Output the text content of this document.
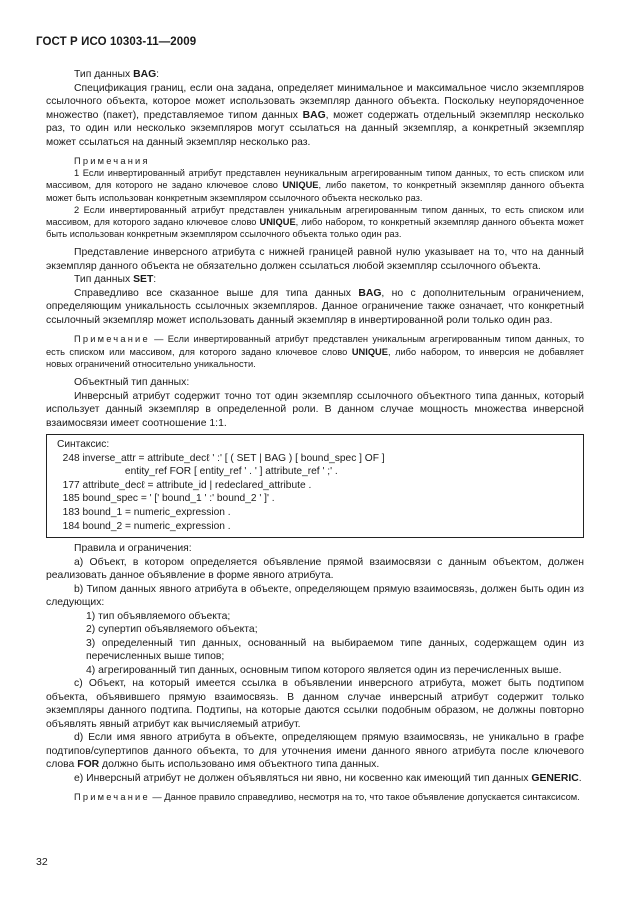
ГОСТ Р ИСО 10303-11—2009

Тип данных BAG:

Спецификация границ, если она задана, определяет минимальное и максимальное число экземпляров ссылочного объекта, которое может использовать экземпляр данного объекта. Поскольку неупорядоченное множество (пакет), представляемое типом данных BAG, может содержать отдельный экземпляр несколько раз, то один или несколько экземпляров могут ссылаться на данный экземпляр, а конкретный экземпляр может ссылаться на данный экземпляр несколько раз.

Примечания

1 Если инвертированный атрибут представлен неуникальным агрегированным типом данных, то есть списком или массивом, для которого не задано ключевое слово UNIQUE, либо пакетом, то конкретный экземпляр данного объекта может быть использован конкретным экземпляром ссылочного объекта несколько раз.

2 Если инвертированный атрибут представлен уникальным агрегированным типом данных, то есть списком или массивом, для которого задано ключевое слово UNIQUE, либо набором, то конкретный экземпляр данного объекта может быть использован конкретным экземпляром ссылочного объекта только один раз.

Представление инверсного атрибута с нижней границей равной нулю указывает на то, что на данный экземпляр данного объекта не обязательно должен ссылаться любой экземпляр ссылочного объекта.

Тип данных SET:

Справедливо все сказанное выше для типа данных BAG, но с дополнительным ограничением, определяющим уникальность ссылочных экземпляров. Данное ограничение также означает, что конкретный ссылочный экземпляр может использовать данный экземпляр в инвертированной роли только один раз.

Примечание — Если инвертированный атрибут представлен уникальным агрегированным типом данных, то есть списком или массивом, для которого задано ключевое слово UNIQUE, либо набором, то инверсия не добавляет новых ограничений относительно уникальности.

Объектный тип данных:

Инверсный атрибут содержит точно тот один экземпляр ссылочного объектного типа данных, который использует данный экземпляр в определенной роли. В данном случае мощность множества инверсной взаимосвязи имеет соотношение 1:1.

Синтаксис:
248 inverse_attr = attribute_decℓ ' :' [ ( SET | BAG ) [ bound_spec ] OF ]
entity_ref FOR [ entity_ref ' . ' ] attribute_ref ' ;' .
177 attribute_decℓ = attribute_id | redeclared_attribute .
185 bound_spec = ' [' bound_1 ' :' bound_2 ' ]' .
183 bound_1 = numeric_expression .
184 bound_2 = numeric_expression .

Правила и ограничения:

а) Объект, в котором определяется объявление прямой взаимосвязи с данным объектом, должен реализовать данное объявление в форме явного атрибута.

b) Типом данных явного атрибута в объекте, определяющем прямую взаимосвязь, должен быть один из следующих:

1) тип объявляемого объекта;

2) супертип объявляемого объекта;

3) определенный тип данных, основанный на выбираемом типе данных, содержащем один из перечисленных выше типов;

4) агрегированный тип данных, основным типом которого является один из перечисленных выше.

c) Объект, на который имеется ссылка в объявлении инверсного атрибута, может быть подтипом объекта, объявившего прямую взаимосвязь. В данном случае инверсный атрибут содержит только экземпляры данного подтипа. Подтипы, на которые даются ссылки подобным образом, не должны повторно объявлять явный атрибут как вычисляемый атрибут.

d) Если имя явного атрибута в объекте, определяющем прямую взаимосвязь, не уникально в графе подтипов/супертипов данного объекта, то для уточнения имени данного явного атрибута после ключевого слова FOR должно быть использовано имя объектного типа данных.

e) Инверсный атрибут не должен объявляться ни явно, ни косвенно как имеющий тип данных GENERIC.

Примечание — Данное правило справедливо, несмотря на то, что такое объявление допускается синтаксисом.

32
